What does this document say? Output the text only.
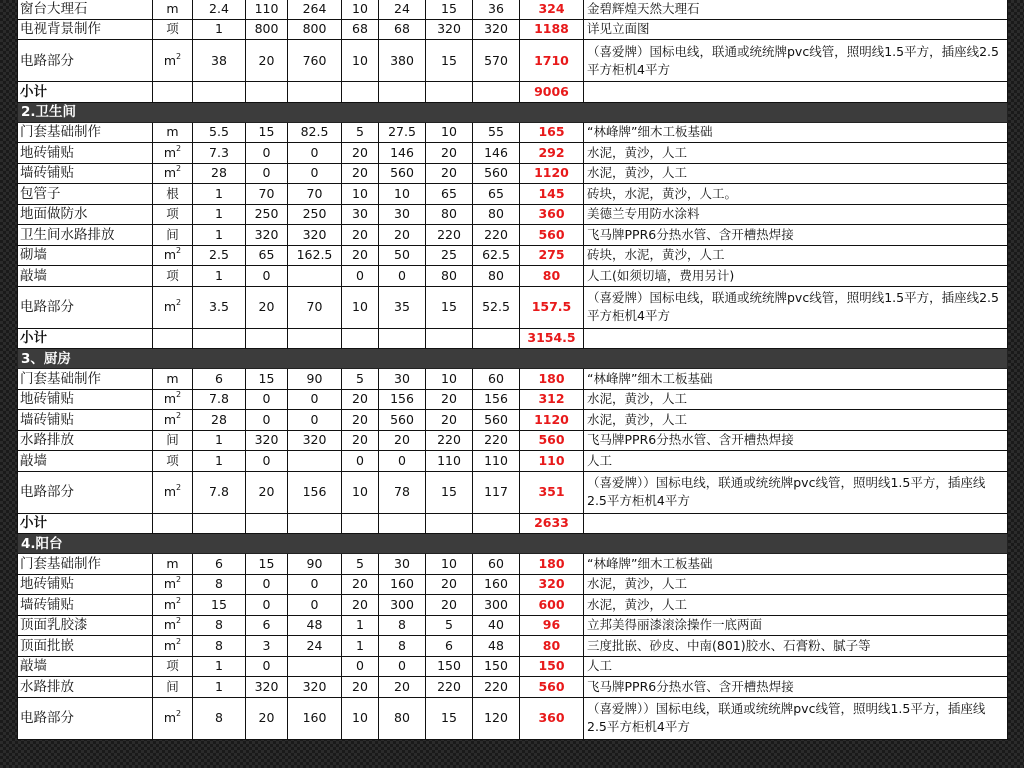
窗台大理石	m	2.4	110	264	10	24	15	36	324	金碧辉煌天然大理石
电视背景制作	项	1	800	800	68	68	320	320	1188	详见立面图
电路部分	$m^2$	38	20	760	10	380	15	570	1710	（喜爱牌）国标电线，联通或统统牌pvc线管，照明线1.5平方，插座线2.5平方柜机4平方
小计									9006	
2.卫生间										
门套基础制作	m	5.5	15	82.5	5	27.5	10	55	165	“林峰牌”细木工板基础
地砖铺贴	$m^2$	7.3	0	0	20	146	20	146	292	水泥，黄沙，人工
墙砖铺贴	$m^2$	28	0	0	20	560	20	560	1120	水泥，黄沙，人工
包管子	根	1	70	70	10	10	65	65	145	砖块，水泥，黄沙，人工。
地面做防水	项	1	250	250	30	30	80	80	360	美德兰专用防水涂料
卫生间水路排放	间	1	320	320	20	20	220	220	560	飞马牌PPR6分热水管、含开槽热焊接
砌墙	$m^2$	2.5	65	162.5	20	50	25	62.5	275	砖块，水泥，黄沙，人工
敲墙	项	1	0		0	0	80	80	80	人工(如须切墙，费用另计)
电路部分	$m^2$	3.5	20	70	10	35	15	52.5	157.5	（喜爱牌）国标电线，联通或统统牌pvc线管，照明线1.5平方，插座线2.5平方柜机4平方
小计									3154.5	
3、厨房										
门套基础制作	m	6	15	90	5	30	10	60	180	“林峰牌”细木工板基础
地砖铺贴	$m^2$	7.8	0	0	20	156	20	156	312	水泥，黄沙，人工
墙砖铺贴	$m^2$	28	0	0	20	560	20	560	1120	水泥，黄沙，人工
水路排放	间	1	320	320	20	20	220	220	560	飞马牌PPR6分热水管、含开槽热焊接
敲墙	项	1	0		0	0	110	110	110	人工
电路部分	$m^2$	7.8	20	156	10	78	15	117	351	（喜爱牌））国标电线，联通或统统牌pvc线管，照明线1.5平方，插座线2.5平方柜机4平方
小计									2633	
4.阳台										
门套基础制作	m	6	15	90	5	30	10	60	180	“林峰牌”细木工板基础
地砖铺贴	$m^2$	8	0	0	20	160	20	160	320	水泥，黄沙，人工
墙砖铺贴	$m^2$	15	0	0	20	300	20	300	600	水泥，黄沙，人工
顶面乳胶漆	$m^2$	8	6	48	1	8	5	40	96	立邦美得丽漆滚涂操作一底两面
顶面批嵌	$m^2$	8	3	24	1	8	6	48	80	三度批嵌、砂皮、中南(801)胶水、石膏粉、腻子等
敲墙	项	1	0		0	0	150	150	150	人工
水路排放	间	1	320	320	20	20	220	220	560	飞马牌PPR6分热水管、含开槽热焊接
电路部分	$m^2$	8	20	160	10	80	15	120	360	（喜爱牌））国标电线，联通或统统牌pvc线管，照明线1.5平方，插座线2.5平方柜机4平方
